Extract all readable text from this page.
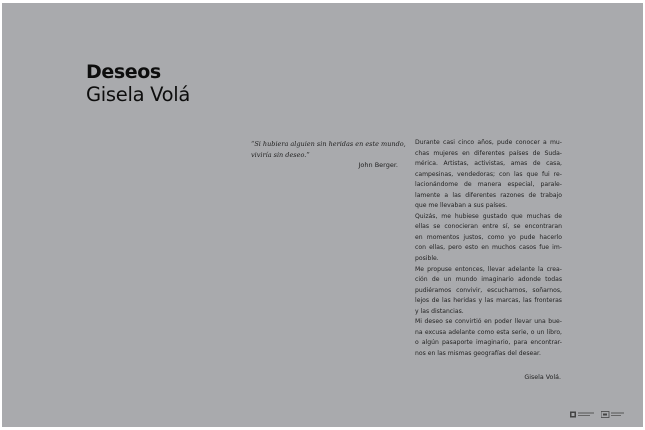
Deseos
Gisela Volá
“Si hubiera alguien sin heridas en este mundo,
viviría sin deseo.”
John Berger.
Durante casi cinco años, pude conocer a mu-
chas mujeres en diferentes países de Suda-
mérica. Artistas, activistas, amas de casa,
campesinas, vendedoras; con las que fui re-
lacionándome de manera especial, parale-
lamente a las diferentes razones de trabajo
que me llevaban a sus países.
Quizás, me hubiese gustado que muchas de
ellas se conocieran entre sí, se encontraran
en momentos justos, como yo pude hacerlo
con ellas, pero esto en muchos casos fue im-
posible.
Me propuse entonces, llevar adelante la crea-
ción de un mundo imaginario adonde todas
pudiéramos convivir, escucharnos, soñarnos,
lejos de las heridas y las marcas, las fronteras
y las distancias.
Mi deseo se convirtió en poder llevar una bue-
na excusa adelante como esta serie, o un libro,
o algún pasaporte imaginario, para encontrar-
nos en las mismas geografías del desear.
Gisela Volá.
